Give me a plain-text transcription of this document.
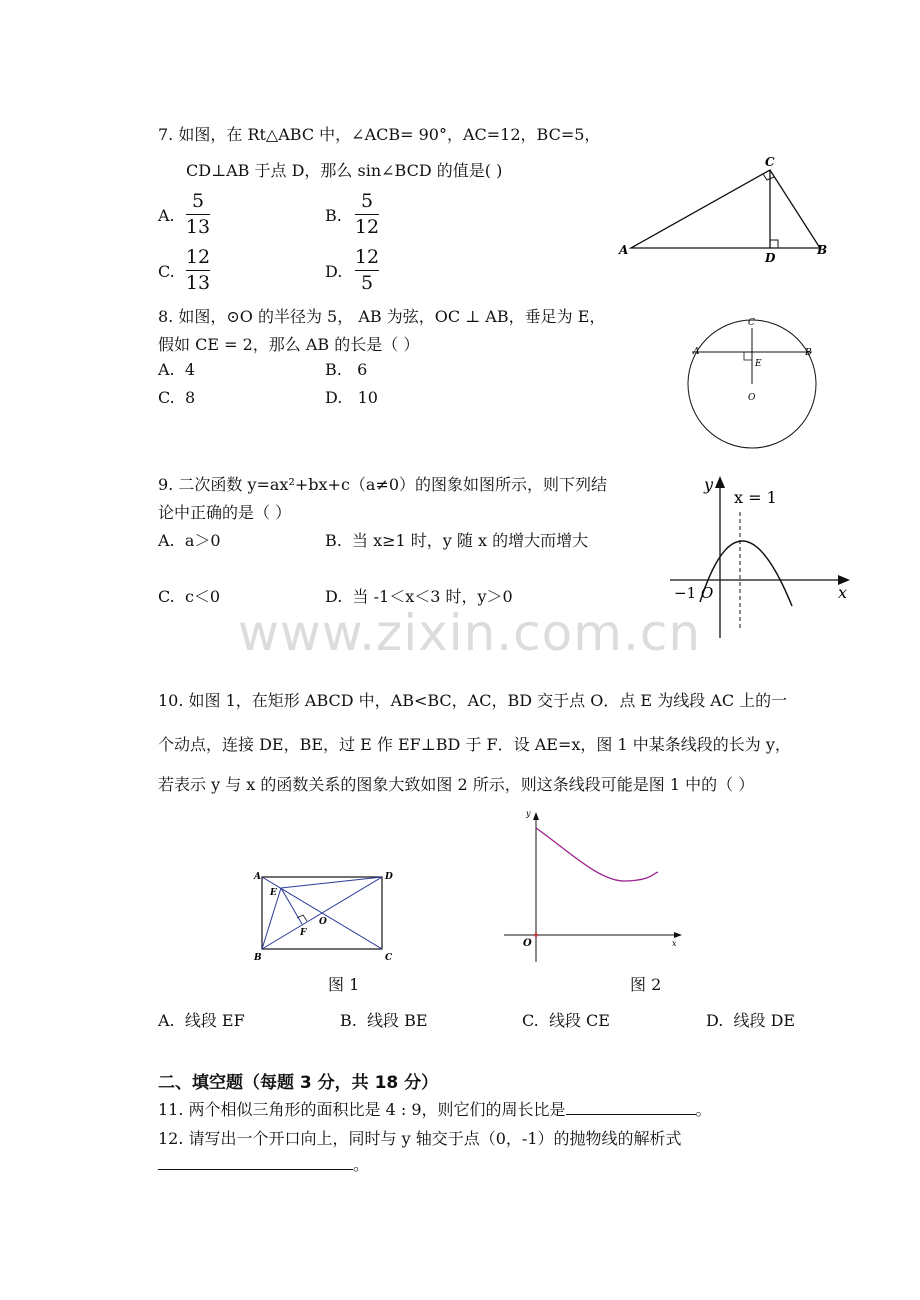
7. 如图，在 Rt△ABC 中，∠ACB= 90°，AC=12，BC=5，
CD⊥AB 于点 D，那么 sin∠BCD 的值是( )
A.
5
13
B.
5
12
C.
12
13
D.
12
5
A
C
D
B
8. 如图，⊙O 的半径为 5， AB 为弦，OC ⊥ AB，垂足为 E，
假如 CE = 2，那么 AB 的长是（ ）
A. 4	B. 6
C. 8	D. 10
C
A	B
E
O
9. 二次函数 y=ax²+bx+c（a≠0）的图象如图所示，则下列结
论中正确的是（ ）
A. a＞0	B. 当 x≥1 时，y 随 x 的增大而增大
C. c＜0	D. 当 -1＜x＜3 时，y＞0
y
x = 1
−1 O	x
www.zixin.com.cn
10. 如图 1，在矩形 ABCD 中，AB<BC，AC，BD 交于点 O．点 E 为线段 AC 上的一
个动点，连接 DE，BE，过 E 作 EF⊥BD 于 F．设 AE=x，图 1 中某条线段的长为 y，
若表示 y 与 x 的函数关系的图象大致如图 2 所示，则这条线段可能是图 1 中的（ ）
A	D
B	C
E
F
O
图 1
y
O	x
图 2
A. 线段 EF	B. 线段 BE	C. 线段 CE	D. 线段 DE
二、填空题（每题 3 分，共 18 分）
11. 两个相似三角形的面积比是 4 : 9，则它们的周长比是	。
12. 请写出一个开口向上，同时与 y 轴交于点（0，-1）的抛物线的解析式
。
